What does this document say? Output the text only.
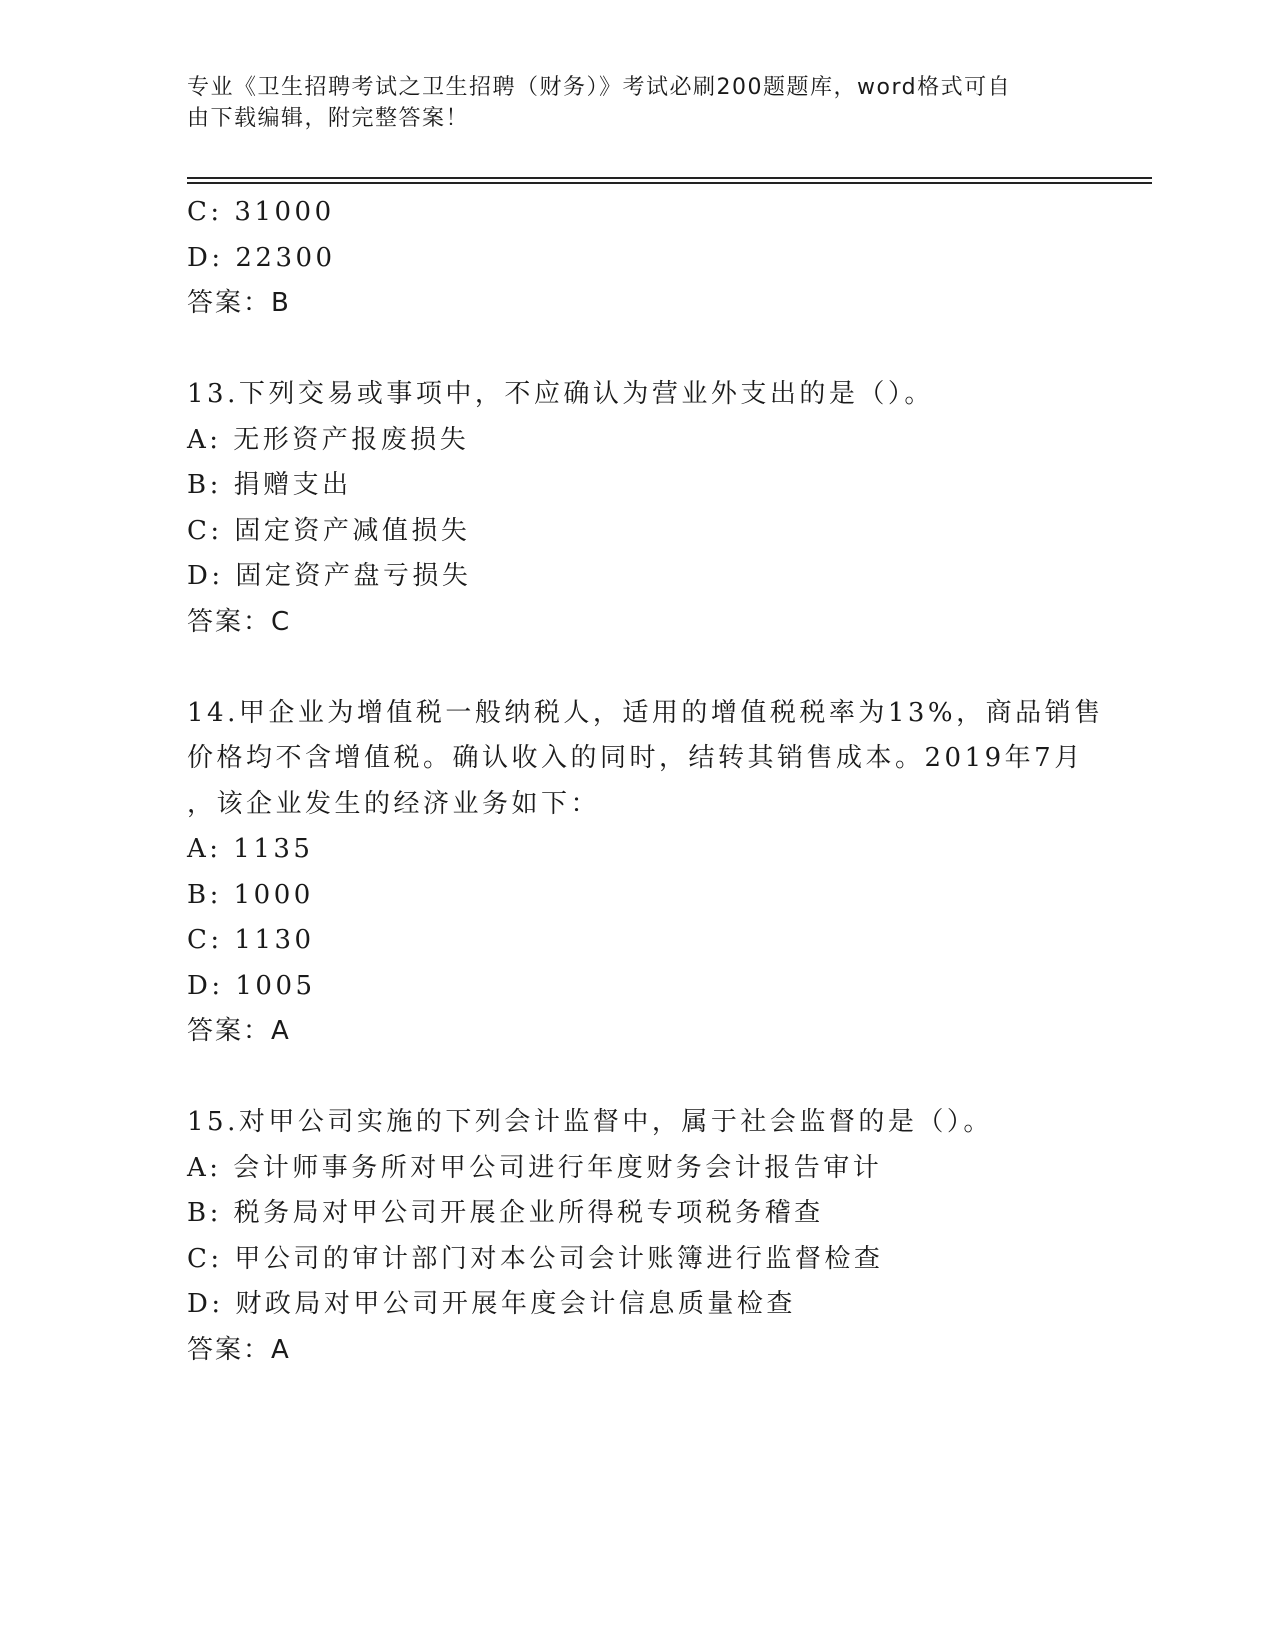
专业《卫生招聘考试之卫生招聘（财务）》考试必刷200题题库，word格式可自
由下载编辑，附完整答案！
C: 31000
D: 22300
答案：B
13.下列交易或事项中，不应确认为营业外支出的是（）。
A: 无形资产报废损失
B: 捐赠支出
C: 固定资产减值损失
D: 固定资产盘亏损失
答案：C
14.甲企业为增值税一般纳税人，适用的增值税税率为13%，商品销售
价格均不含增值税。确认收入的同时，结转其销售成本。2019年7月
，该企业发生的经济业务如下：
A: 1135
B: 1000
C: 1130
D: 1005
答案：A
15.对甲公司实施的下列会计监督中，属于社会监督的是（）。
A: 会计师事务所对甲公司进行年度财务会计报告审计
B: 税务局对甲公司开展企业所得税专项税务稽查
C: 甲公司的审计部门对本公司会计账簿进行监督检查
D: 财政局对甲公司开展年度会计信息质量检查
答案：A
